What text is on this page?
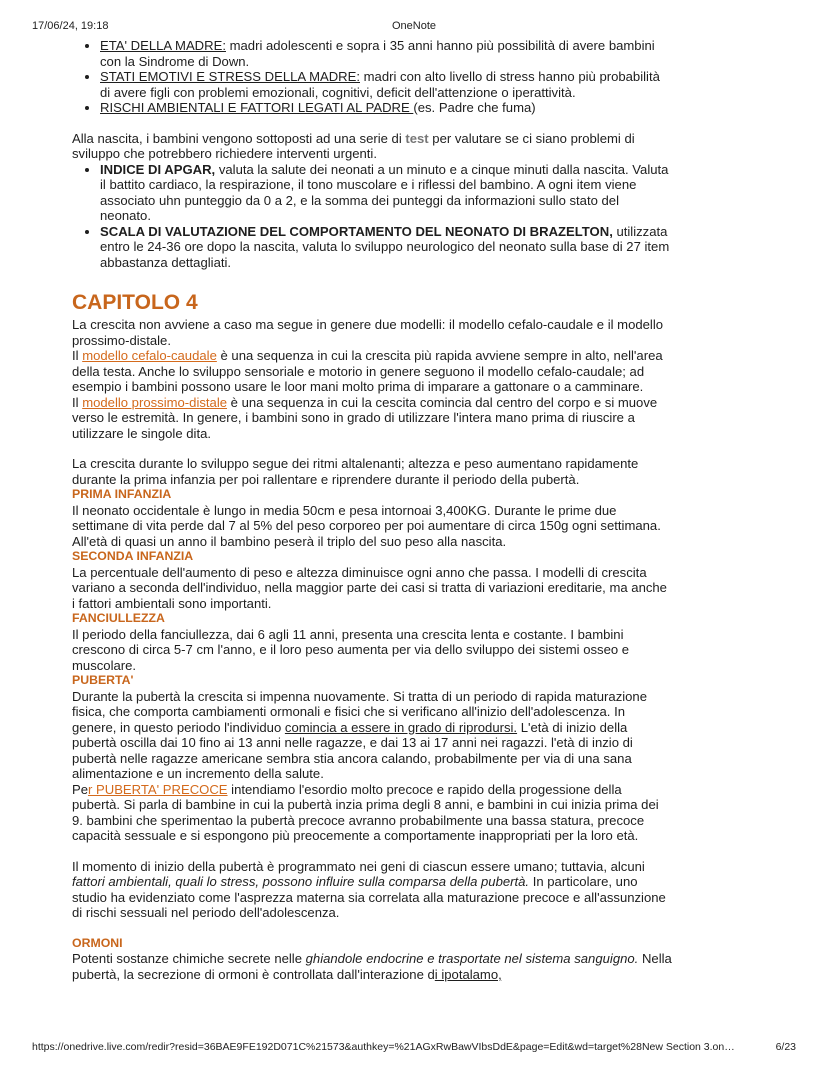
17/06/24, 19:18	OneNote
• ETA' DELLA MADRE: madri adolescenti e sopra i 35 anni hanno più possibilità di avere bambini con la Sindrome di Down.
• STATI EMOTIVI E STRESS DELLA MADRE: madri con alto livello di stress hanno più probabilità di avere figli con problemi emozionali, cognitivi, deficit dell'attenzione o iperattività.
• RISCHI AMBIENTALI E FATTORI LEGATI AL PADRE (es. Padre che fuma)

Alla nascita, i bambini vengono sottoposti ad una serie di test per valutare se ci siano problemi di sviluppo che potrebbero richiedere interventi urgenti.

• INDICE DI APGAR, valuta la salute dei neonati a un minuto e a cinque minuti dalla nascita. Valuta il battito cardiaco, la respirazione, il tono muscolare e i riflessi del bambino. A ogni item viene associato uhn punteggio da 0 a 2, e la somma dei punteggi da informazioni sullo stato del neonato.
• SCALA DI VALUTAZIONE DEL COMPORTAMENTO DEL NEONATO DI BRAZELTON, utilizzata entro le 24-36 ore dopo la nascita, valuta lo sviluppo neurologico del neonato sulla base di 27 item abbastanza dettagliati.
CAPITOLO 4

La crescita non avviene a caso ma segue in genere due modelli: il modello cefalo-caudale e il modello prossimo-distale.

Il modello cefalo-caudale è una sequenza in cui la crescita più rapida avviene sempre in alto, nell'area della testa. Anche lo sviluppo sensoriale e motorio in genere seguono il modello cefalo-caudale; ad esempio i bambini possono usare le loor mani molto prima di imparare a gattonare o a camminare.

Il modello prossimo-distale è una sequenza in cui la cescita comincia dal centro del corpo e si muove verso le estremità. In genere, i bambini sono in grado di utilizzare l'intera mano prima di riuscire a utilizzare le singole dita.

La crescita durante lo sviluppo segue dei ritmi altalenanti; altezza e peso aumentano rapidamente durante la prima infanzia per poi rallentare e riprendere durante il periodo della pubertà.

PRIMA INFANZIA

Il neonato occidentale è lungo in media 50cm e pesa intornoai 3,400KG. Durante le prime due settimane di vita perde dal 7 al 5% del peso corporeo per poi aumentare di circa 150g ogni settimana. All'età di quasi un anno il bambino peserà il triplo del suo peso alla nascita.

SECONDA INFANZIA

La percentuale dell'aumento di peso e altezza diminuisce ogni anno che passa. I modelli di crescita variano a seconda dell'individuo, nella maggior parte dei casi si tratta di variazioni ereditarie, ma anche i fattori ambientali sono importanti.

FANCIULLEZZA

Il periodo della fanciullezza, dai 6 agli 11 anni, presenta una crescita lenta e costante. I bambini crescono di circa 5-7 cm l'anno, e il loro peso aumenta per via dello sviluppo dei sistemi osseo e muscolare.

PUBERTA'

Durante la pubertà la crescita si impenna nuovamente. Si tratta di un periodo di rapida maturazione fisica, che comporta cambiamenti ormonali e fisici che si verificano all'inizio dell'adolescenza. In genere, in questo periodo l'individuo comincia a essere in grado di riprodursi. L'età di inizio della pubertà oscilla dai 10 fino ai 13 anni nelle ragazze, e dai 13 ai 17 anni nei ragazzi. l'età di inzio di pubertà nelle ragazze americane sembra stia ancora calando, probabilmente per via di una sana alimentazione e un incremento della salute.

Per PUBERTA' PRECOCE intendiamo l'esordio molto precoce e rapido della progessione della pubertà. Si parla di bambine in cui la pubertà inzia prima degli 8 anni, e bambini in cui inizia prima dei 9. bambini che sperimentao la pubertà precoce avranno probabilmente una bassa statura, precoce capacità sessuale e si espongono più preocemente a comportamente inappropriati per la loro età.

Il momento di inizio della pubertà è programmato nei geni di ciascun essere umano; tuttavia, alcuni fattori ambientali, quali lo stress, possono influire sulla comparsa della pubertà. In particolare, uno studio ha evidenziato come l'asprezza materna sia correlata alla maturazione precoce e all'assunzione di rischi sessuali nel periodo dell'adolescenza.

ORMONI

Potenti sostanze chimiche secrete nelle ghiandole endocrine e trasportate nel sistema sanguigno. Nella pubertà, la secrezione di ormoni è controllata dall'interazione di ipotalamo,

https://onedrive.live.com/redir?resid=36BAE9FE192D071C%21573&authkey=%21AGxRwBawVIbsDdE&page=Edit&wd=target%28New Section 3.on…	6/23
